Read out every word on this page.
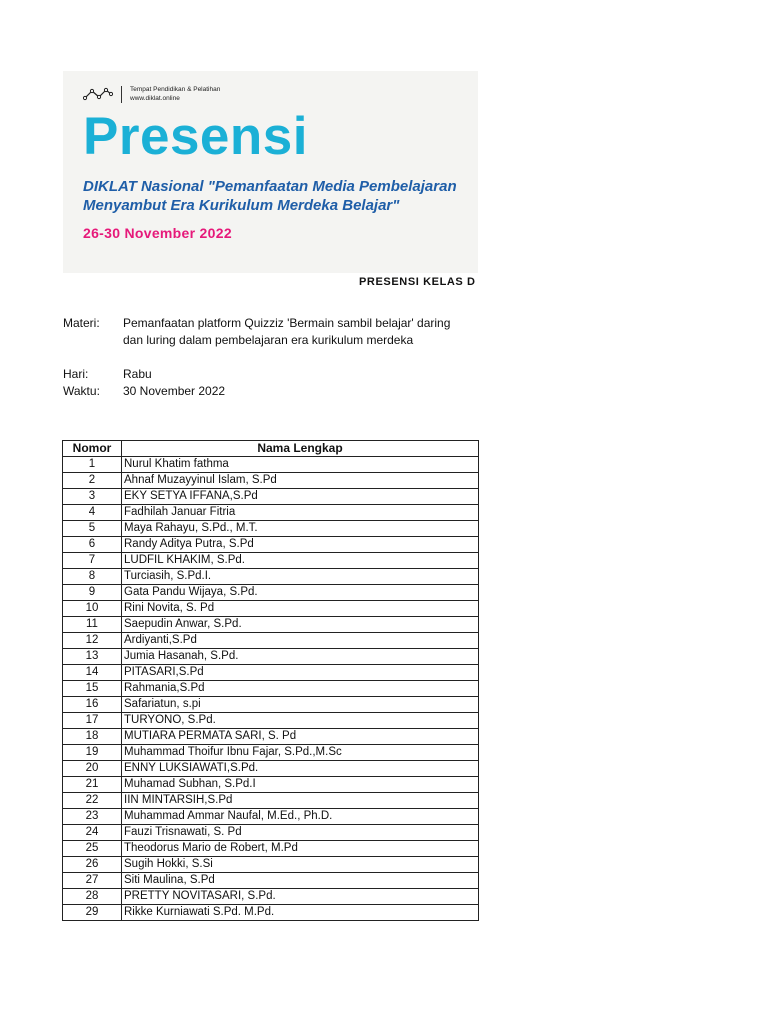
Tempat Pendidikan & Pelatihan
www.diklat.online
Presensi
DIKLAT Nasional "Pemanfaatan Media Pembelajaran
Menyambut Era Kurikulum Merdeka Belajar"
26-30 November 2022
PRESENSI KELAS D
Materi: Pemanfaatan platform Quizziz 'Bermain sambil belajar' daring
dan luring dalam pembelajaran era kurikulum merdeka
Hari:	Rabu
Waktu: 30 November 2022
Nomor	Nama Lengkap
1	Nurul Khatim fathma
2	Ahnaf Muzayyinul Islam, S.Pd
3	EKY SETYA IFFANA,S.Pd
4	Fadhilah Januar Fitria
5	Maya Rahayu, S.Pd., M.T.
6	Randy Aditya Putra, S.Pd
7	LUDFIL KHAKIM, S.Pd.
8	Turciasih, S.Pd.I.
9	Gata Pandu Wijaya, S.Pd.
10	Rini Novita, S. Pd
11	Saepudin Anwar, S.Pd.
12	Ardiyanti,S.Pd
13	Jumia Hasanah, S.Pd.
14	PITASARI,S.Pd
15	Rahmania,S.Pd
16	Safariatun, s.pi
17	TURYONO, S.Pd.
18	MUTIARA PERMATA SARI, S. Pd
19	Muhammad Thoifur Ibnu Fajar, S.Pd.,M.Sc
20	ENNY LUKSIAWATI,S.Pd.
21	Muhamad Subhan, S.Pd.I
22	IIN MINTARSIH,S.Pd
23	Muhammad Ammar Naufal, M.Ed., Ph.D.
24	Fauzi Trisnawati, S. Pd
25	Theodorus Mario de Robert, M.Pd
26	Sugih Hokki, S.Si
27	Siti Maulina, S.Pd
28	PRETTY NOVITASARI, S.Pd.
29	Rikke Kurniawati S.Pd. M.Pd.
